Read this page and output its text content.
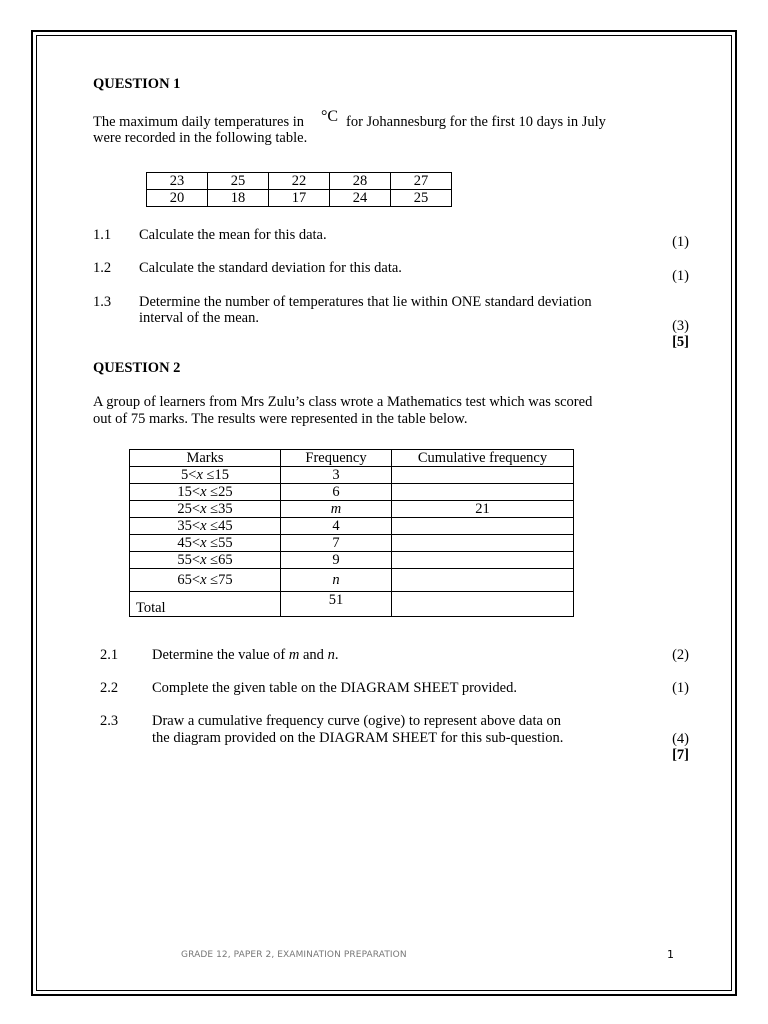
QUESTION 1
The maximum daily temperatures in °C for Johannesburg for the first 10 days in July
were recorded in the following table.
23	25	22	28	27
20	18	17	24	25
1.1 Calculate the mean for this data.	(1)
1.2 Calculate the standard deviation for this data.	(1)
1.3 Determine the number of temperatures that lie within ONE standard deviation
interval of the mean.	(3)
[5]
QUESTION 2
A group of learners from Mrs Zulu’s class wrote a Mathematics test which was scored
out of 75 marks. The results were represented in the table below.
Marks	Frequency	Cumulative frequency
5<x ≤15	3	
15<x ≤25	6	
25<x ≤35	m	21
35<x ≤45	4	
45<x ≤55	7	
55<x ≤65	9	
65<x ≤75	n	
Total	51	
2.1 Determine the value of m and n.	(2)
2.2 Complete the given table on the DIAGRAM SHEET provided.	(1)
2.3 Draw a cumulative frequency curve (ogive) to represent above data on
the diagram provided on the DIAGRAM SHEET for this sub-question.	(4)
[7]
GRADE 12, PAPER 2, EXAMINATION PREPARATION	1
